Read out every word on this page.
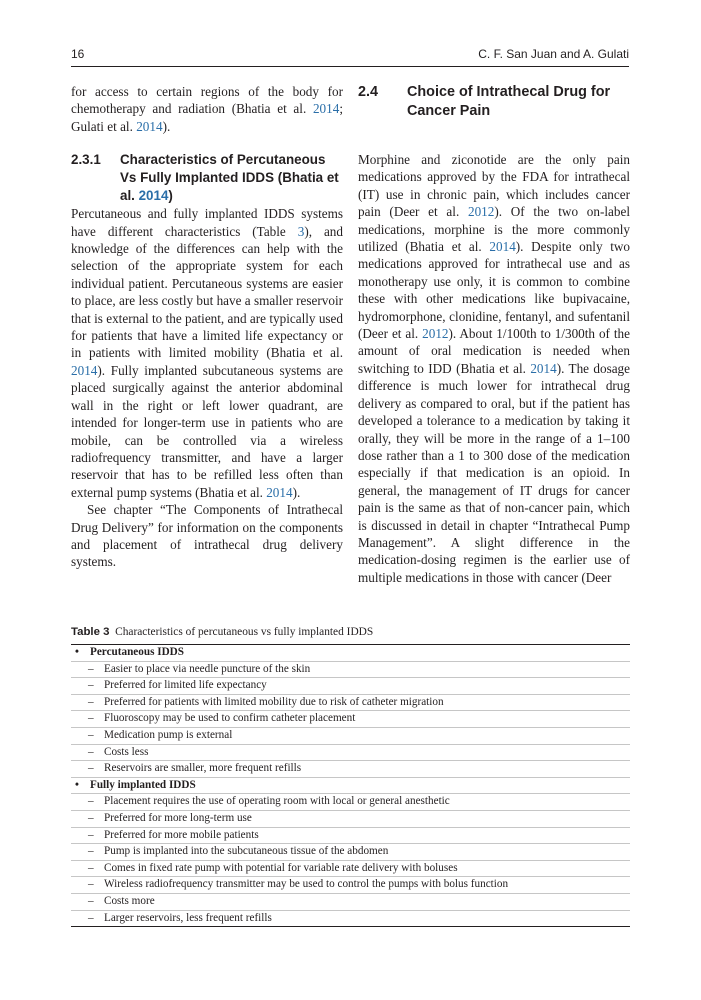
16	C. F. San Juan and A. Gulati

for access to certain regions of the body for chemotherapy and radiation (Bhatia et al. 2014; Gulati et al. 2014).

2.3.1	Characteristics of Percutaneous Vs Fully Implanted IDDS (Bhatia et al. 2014)

Percutaneous and fully implanted IDDS systems have different characteristics (Table 3), and knowledge of the differences can help with the selection of the appropriate system for each individual patient. Percutaneous systems are easier to place, are less costly but have a smaller reservoir that is external to the patient, and are typically used for patients that have a limited life expectancy or in patients with limited mobility (Bhatia et al. 2014). Fully implanted subcutaneous systems are placed surgically against the anterior abdominal wall in the right or left lower quadrant, are intended for longer-term use in patients who are mobile, can be controlled via a wireless radiofrequency transmitter, and have a larger reservoir that has to be refilled less often than external pump systems (Bhatia et al. 2014).

See chapter “The Components of Intrathecal Drug Delivery” for information on the components and placement of intrathecal drug delivery systems.

2.4	Choice of Intrathecal Drug for Cancer Pain

Morphine and ziconotide are the only pain medications approved by the FDA for intrathecal (IT) use in chronic pain, which includes cancer pain (Deer et al. 2012). Of the two on-label medications, morphine is the more commonly utilized (Bhatia et al. 2014). Despite only two medications approved for intrathecal use and as monotherapy use only, it is common to combine these with other medications like bupivacaine, hydromorphone, clonidine, fentanyl, and sufentanil (Deer et al. 2012). About 1/100th to 1/300th of the amount of oral medication is needed when switching to IDD (Bhatia et al. 2014). The dosage difference is much lower for intrathecal drug delivery as compared to oral, but if the patient has developed a tolerance to a medication by taking it orally, they will be more in the range of a 1–100 dose rather than a 1 to 300 dose of the medication especially if that medication is an opioid. In general, the management of IT drugs for cancer pain is the same as that of non-cancer pain, which is discussed in detail in chapter “Intrathecal Pump Management”. A slight difference in the medication-dosing regimen is the earlier use of multiple medications in those with cancer (Deer

Table 3 Characteristics of percutaneous vs fully implanted IDDS
• Percutaneous IDDS
– Easier to place via needle puncture of the skin
– Preferred for limited life expectancy
– Preferred for patients with limited mobility due to risk of catheter migration
– Fluoroscopy may be used to confirm catheter placement
– Medication pump is external
– Costs less
– Reservoirs are smaller, more frequent refills
• Fully implanted IDDS
– Placement requires the use of operating room with local or general anesthetic
– Preferred for more long-term use
– Preferred for more mobile patients
– Pump is implanted into the subcutaneous tissue of the abdomen
– Comes in fixed rate pump with potential for variable rate delivery with boluses
– Wireless radiofrequency transmitter may be used to control the pumps with bolus function
– Costs more
– Larger reservoirs, less frequent refills
